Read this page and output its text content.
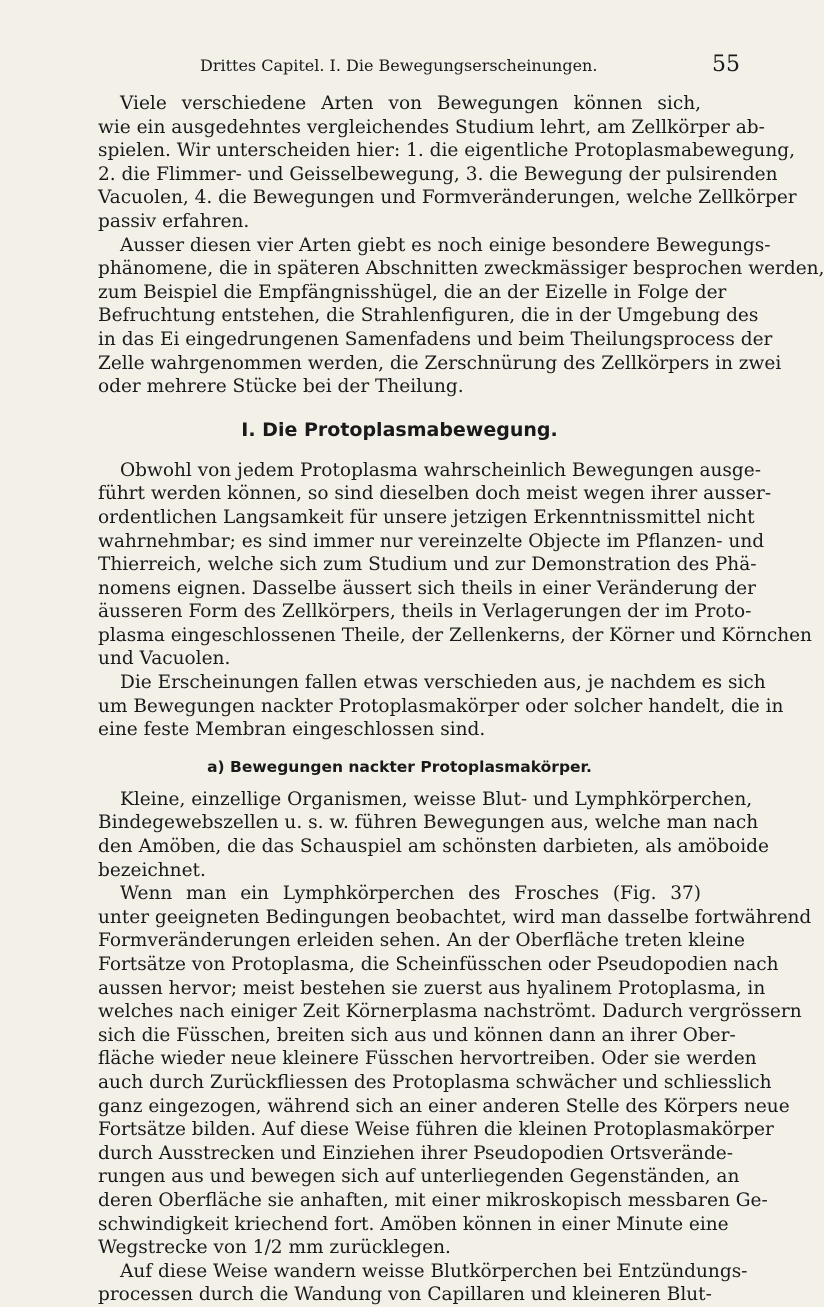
Drittes Capitel. I. Die Bewegungserscheinungen.	55
Viele verschiedene Arten von Bewegungen können sich,
wie ein ausgedehntes vergleichendes Studium lehrt, am Zellkörper ab-
spielen. Wir unterscheiden hier: 1. die eigentliche Protoplasmabewegung,
2. die Flimmer- und Geisselbewegung, 3. die Bewegung der pulsirenden
Vacuolen, 4. die Bewegungen und Formveränderungen, welche Zellkörper
passiv erfahren.
Ausser diesen vier Arten giebt es noch einige besondere Bewegungs-
phänomene, die in späteren Abschnitten zweckmässiger besprochen werden,
zum Beispiel die Empfängnisshügel, die an der Eizelle in Folge der
Befruchtung entstehen, die Strahlenfiguren, die in der Umgebung des
in das Ei eingedrungenen Samenfadens und beim Theilungsprocess der
Zelle wahrgenommen werden, die Zerschnürung des Zellkörpers in zwei
oder mehrere Stücke bei der Theilung.
I. Die Protoplasmabewegung.
Obwohl von jedem Protoplasma wahrscheinlich Bewegungen ausge-
führt werden können, so sind dieselben doch meist wegen ihrer ausser-
ordentlichen Langsamkeit für unsere jetzigen Erkenntnissmittel nicht
wahrnehmbar; es sind immer nur vereinzelte Objecte im Pflanzen- und
Thierreich, welche sich zum Studium und zur Demonstration des Phä-
nomens eignen. Dasselbe äussert sich theils in einer Veränderung der
äusseren Form des Zellkörpers, theils in Verlagerungen der im Proto-
plasma eingeschlossenen Theile, der Zellenkerns, der Körner und Körnchen
und Vacuolen.
Die Erscheinungen fallen etwas verschieden aus, je nachdem es sich
um Bewegungen nackter Protoplasmakörper oder solcher handelt, die in
eine feste Membran eingeschlossen sind.
a) Bewegungen nackter Protoplasmakörper.
Kleine, einzellige Organismen, weisse Blut- und Lymphkörperchen,
Bindegewebszellen u. s. w. führen Bewegungen aus, welche man nach
den Amöben, die das Schauspiel am schönsten darbieten, als amöboide
bezeichnet.
Wenn man ein Lymphkörperchen des Frosches (Fig. 37)
unter geeigneten Bedingungen beobachtet, wird man dasselbe fortwährend
Formveränderungen erleiden sehen. An der Oberfläche treten kleine
Fortsätze von Protoplasma, die Scheinfüsschen oder Pseudopodien nach
aussen hervor; meist bestehen sie zuerst aus hyalinem Protoplasma, in
welches nach einiger Zeit Körnerplasma nachströmt. Dadurch vergrössern
sich die Füsschen, breiten sich aus und können dann an ihrer Ober-
fläche wieder neue kleinere Füsschen hervortreiben. Oder sie werden
auch durch Zurückfliessen des Protoplasma schwächer und schliesslich
ganz eingezogen, während sich an einer anderen Stelle des Körpers neue
Fortsätze bilden. Auf diese Weise führen die kleinen Protoplasmakörper
durch Ausstrecken und Einziehen ihrer Pseudopodien Ortsverände-
rungen aus und bewegen sich auf unterliegenden Gegenständen, an
deren Oberfläche sie anhaften, mit einer mikroskopisch messbaren Ge-
schwindigkeit kriechend fort. Amöben können in einer Minute eine
Wegstrecke von 1/2 mm zurücklegen.
Auf diese Weise wandern weisse Blutkörperchen bei Entzündungs-
processen durch die Wandung von Capillaren und kleineren Blut-
